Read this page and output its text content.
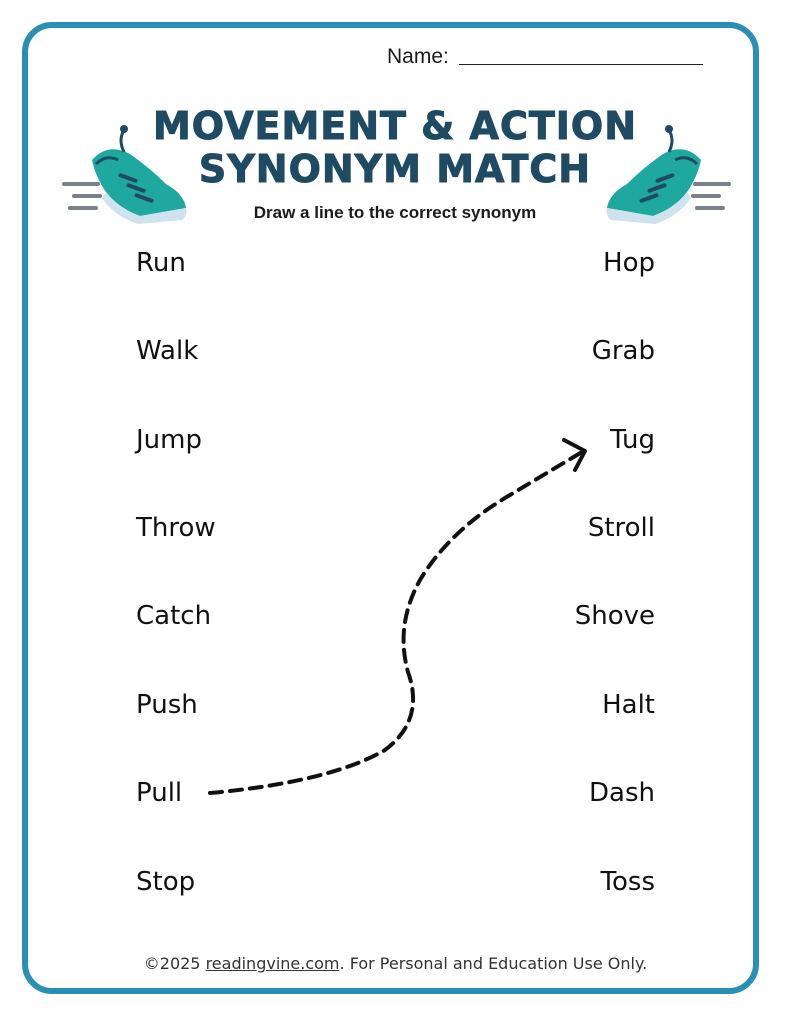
Name:
MOVEMENT & ACTION
SYNONYM MATCH
Draw a line to the correct synonym
Run
Walk
Jump
Throw
Catch
Push
Pull
Stop
Hop
Grab
Tug
Stroll
Shove
Halt
Dash
Toss
©2025 readingvine.com. For Personal and Education Use Only.
